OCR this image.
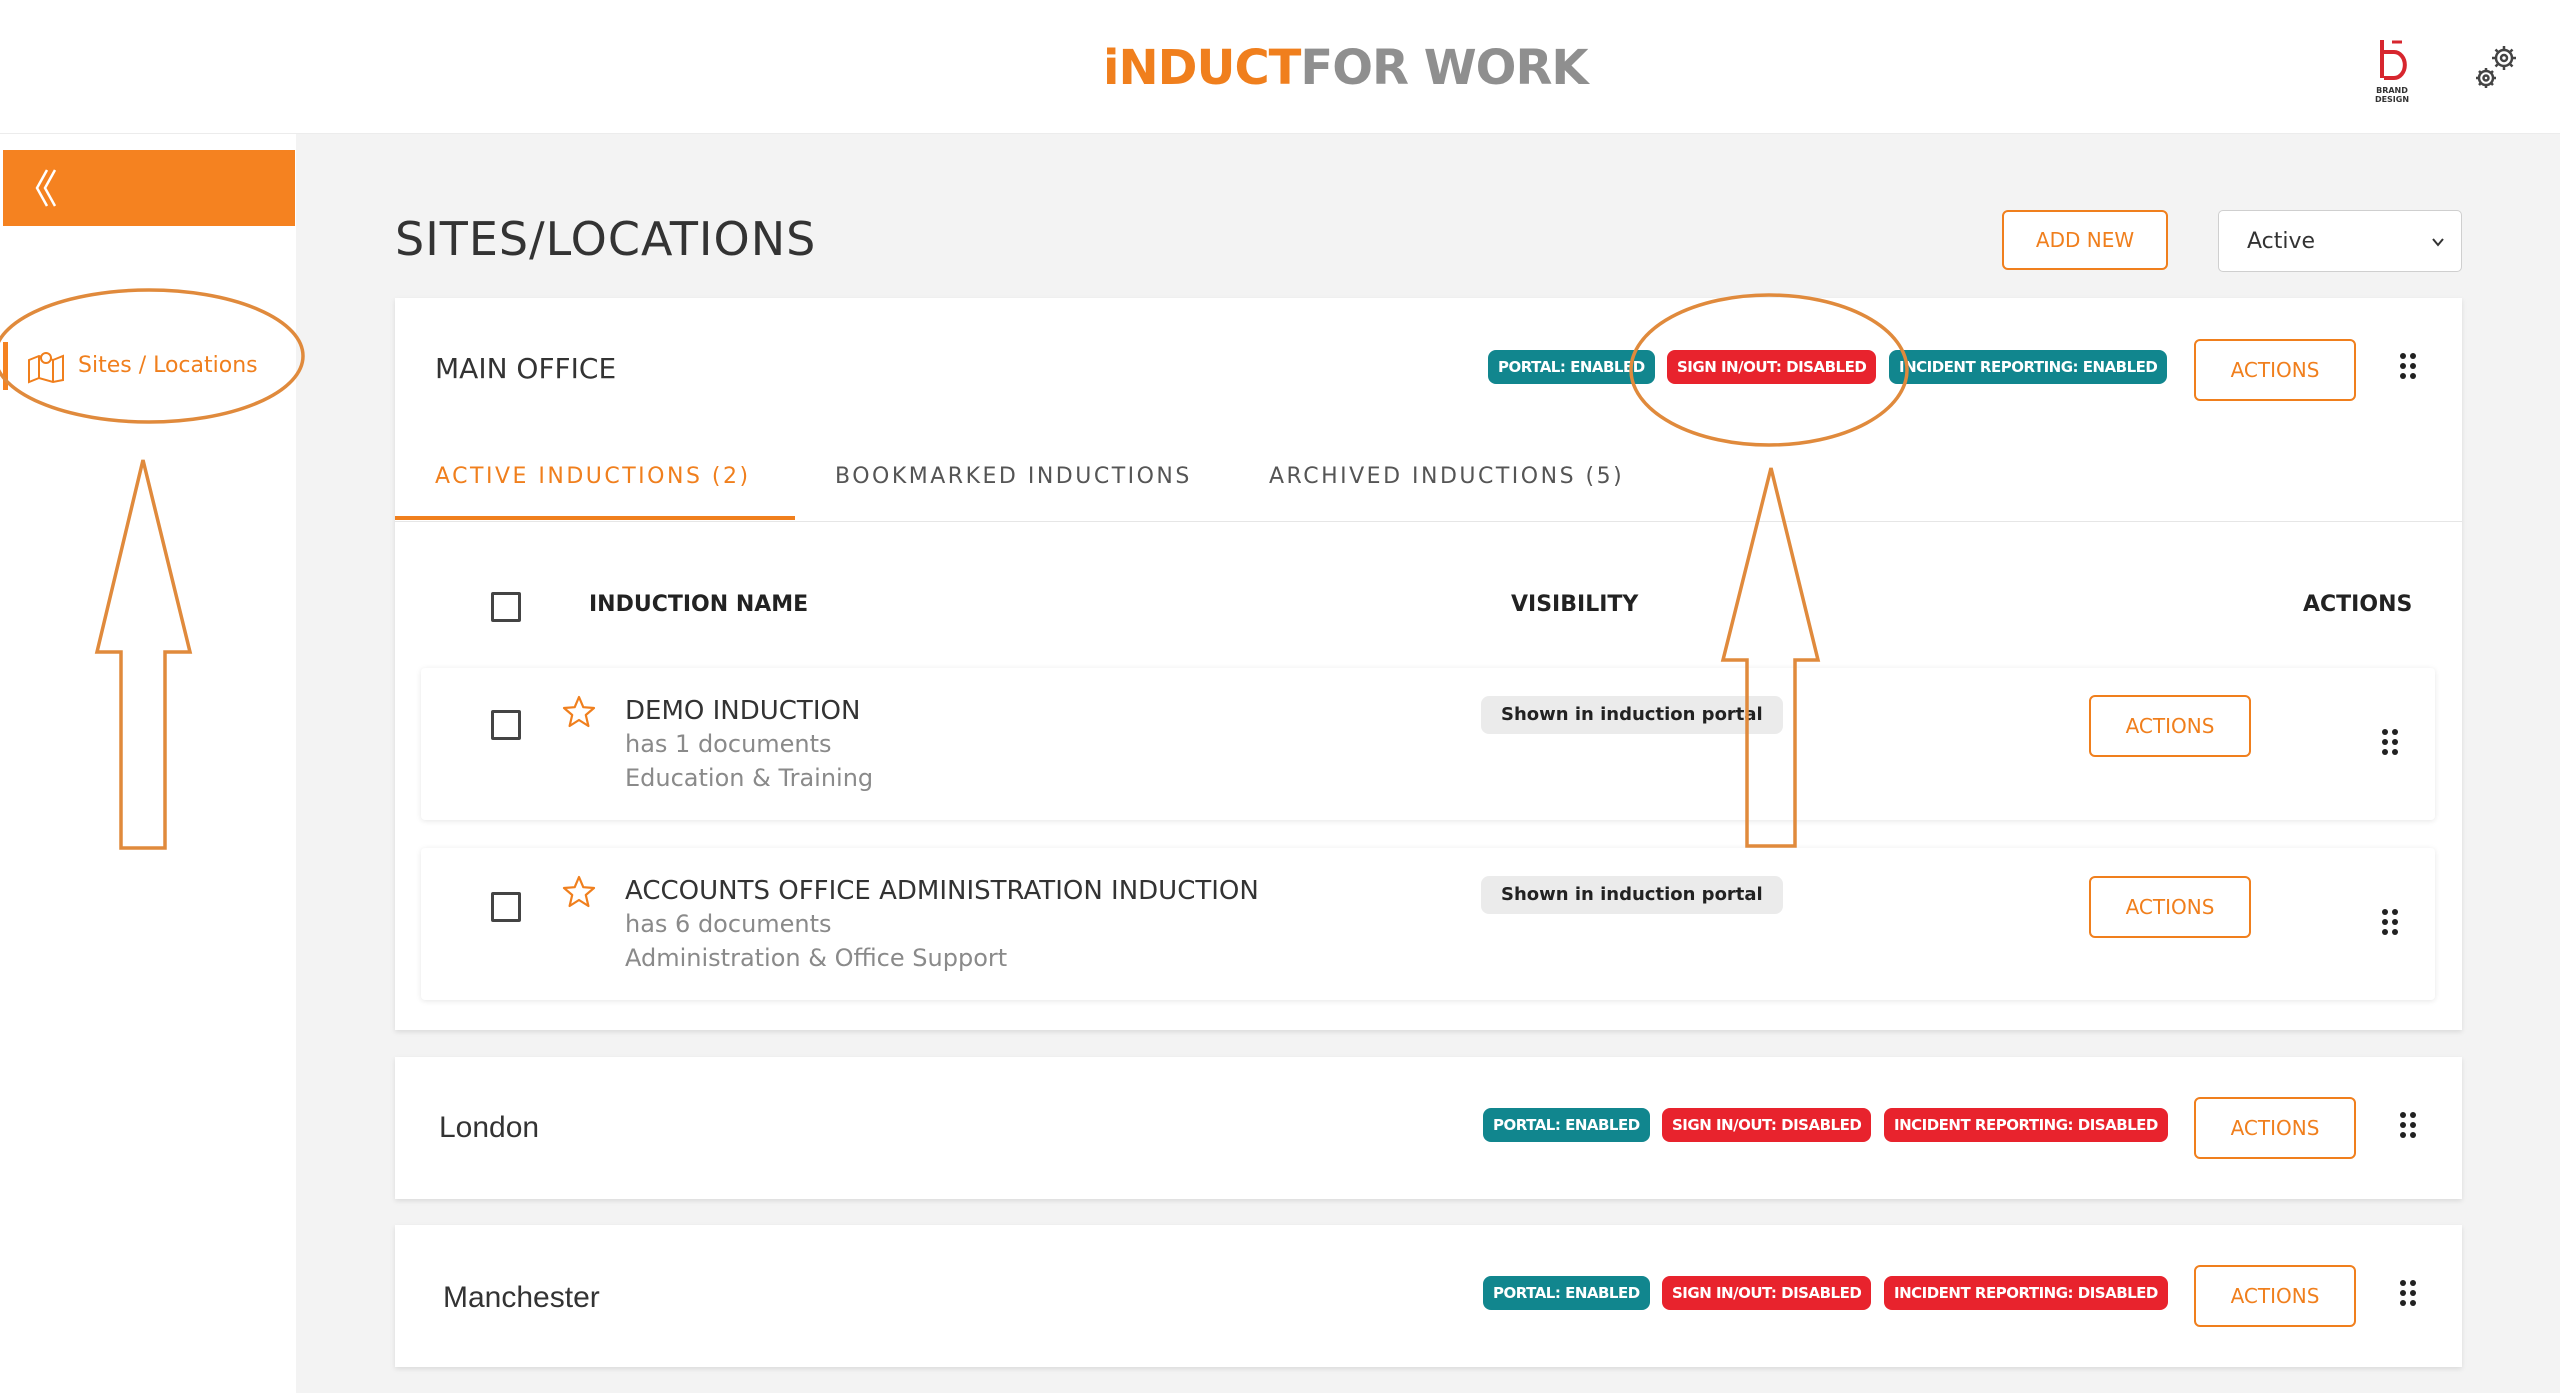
iNDUCTFOR WORK	BRAND DESIGN
Sites / Locations
SITES/LOCATIONS	ADD NEW	Active
MAIN OFFICE	PORTAL: ENABLED	SIGN IN/OUT: DISABLED	INCIDENT REPORTING: ENABLED	ACTIONS
ACTIVE INDUCTIONS (2)	BOOKMARKED INDUCTIONS	ARCHIVED INDUCTIONS (5)
INDUCTION NAME	VISIBILITY	ACTIONS
DEMO INDUCTION
has 1 documents
Education & Training
Shown in induction portal	ACTIONS
ACCOUNTS OFFICE ADMINISTRATION INDUCTION
has 6 documents
Administration & Office Support
Shown in induction portal
ACTIONS
London	PORTAL: ENABLED	SIGN IN/OUT: DISABLED	INCIDENT REPORTING: DISABLED	ACTIONS
Manchester	PORTAL: ENABLED	SIGN IN/OUT: DISABLED	INCIDENT REPORTING: DISABLED	ACTIONS
